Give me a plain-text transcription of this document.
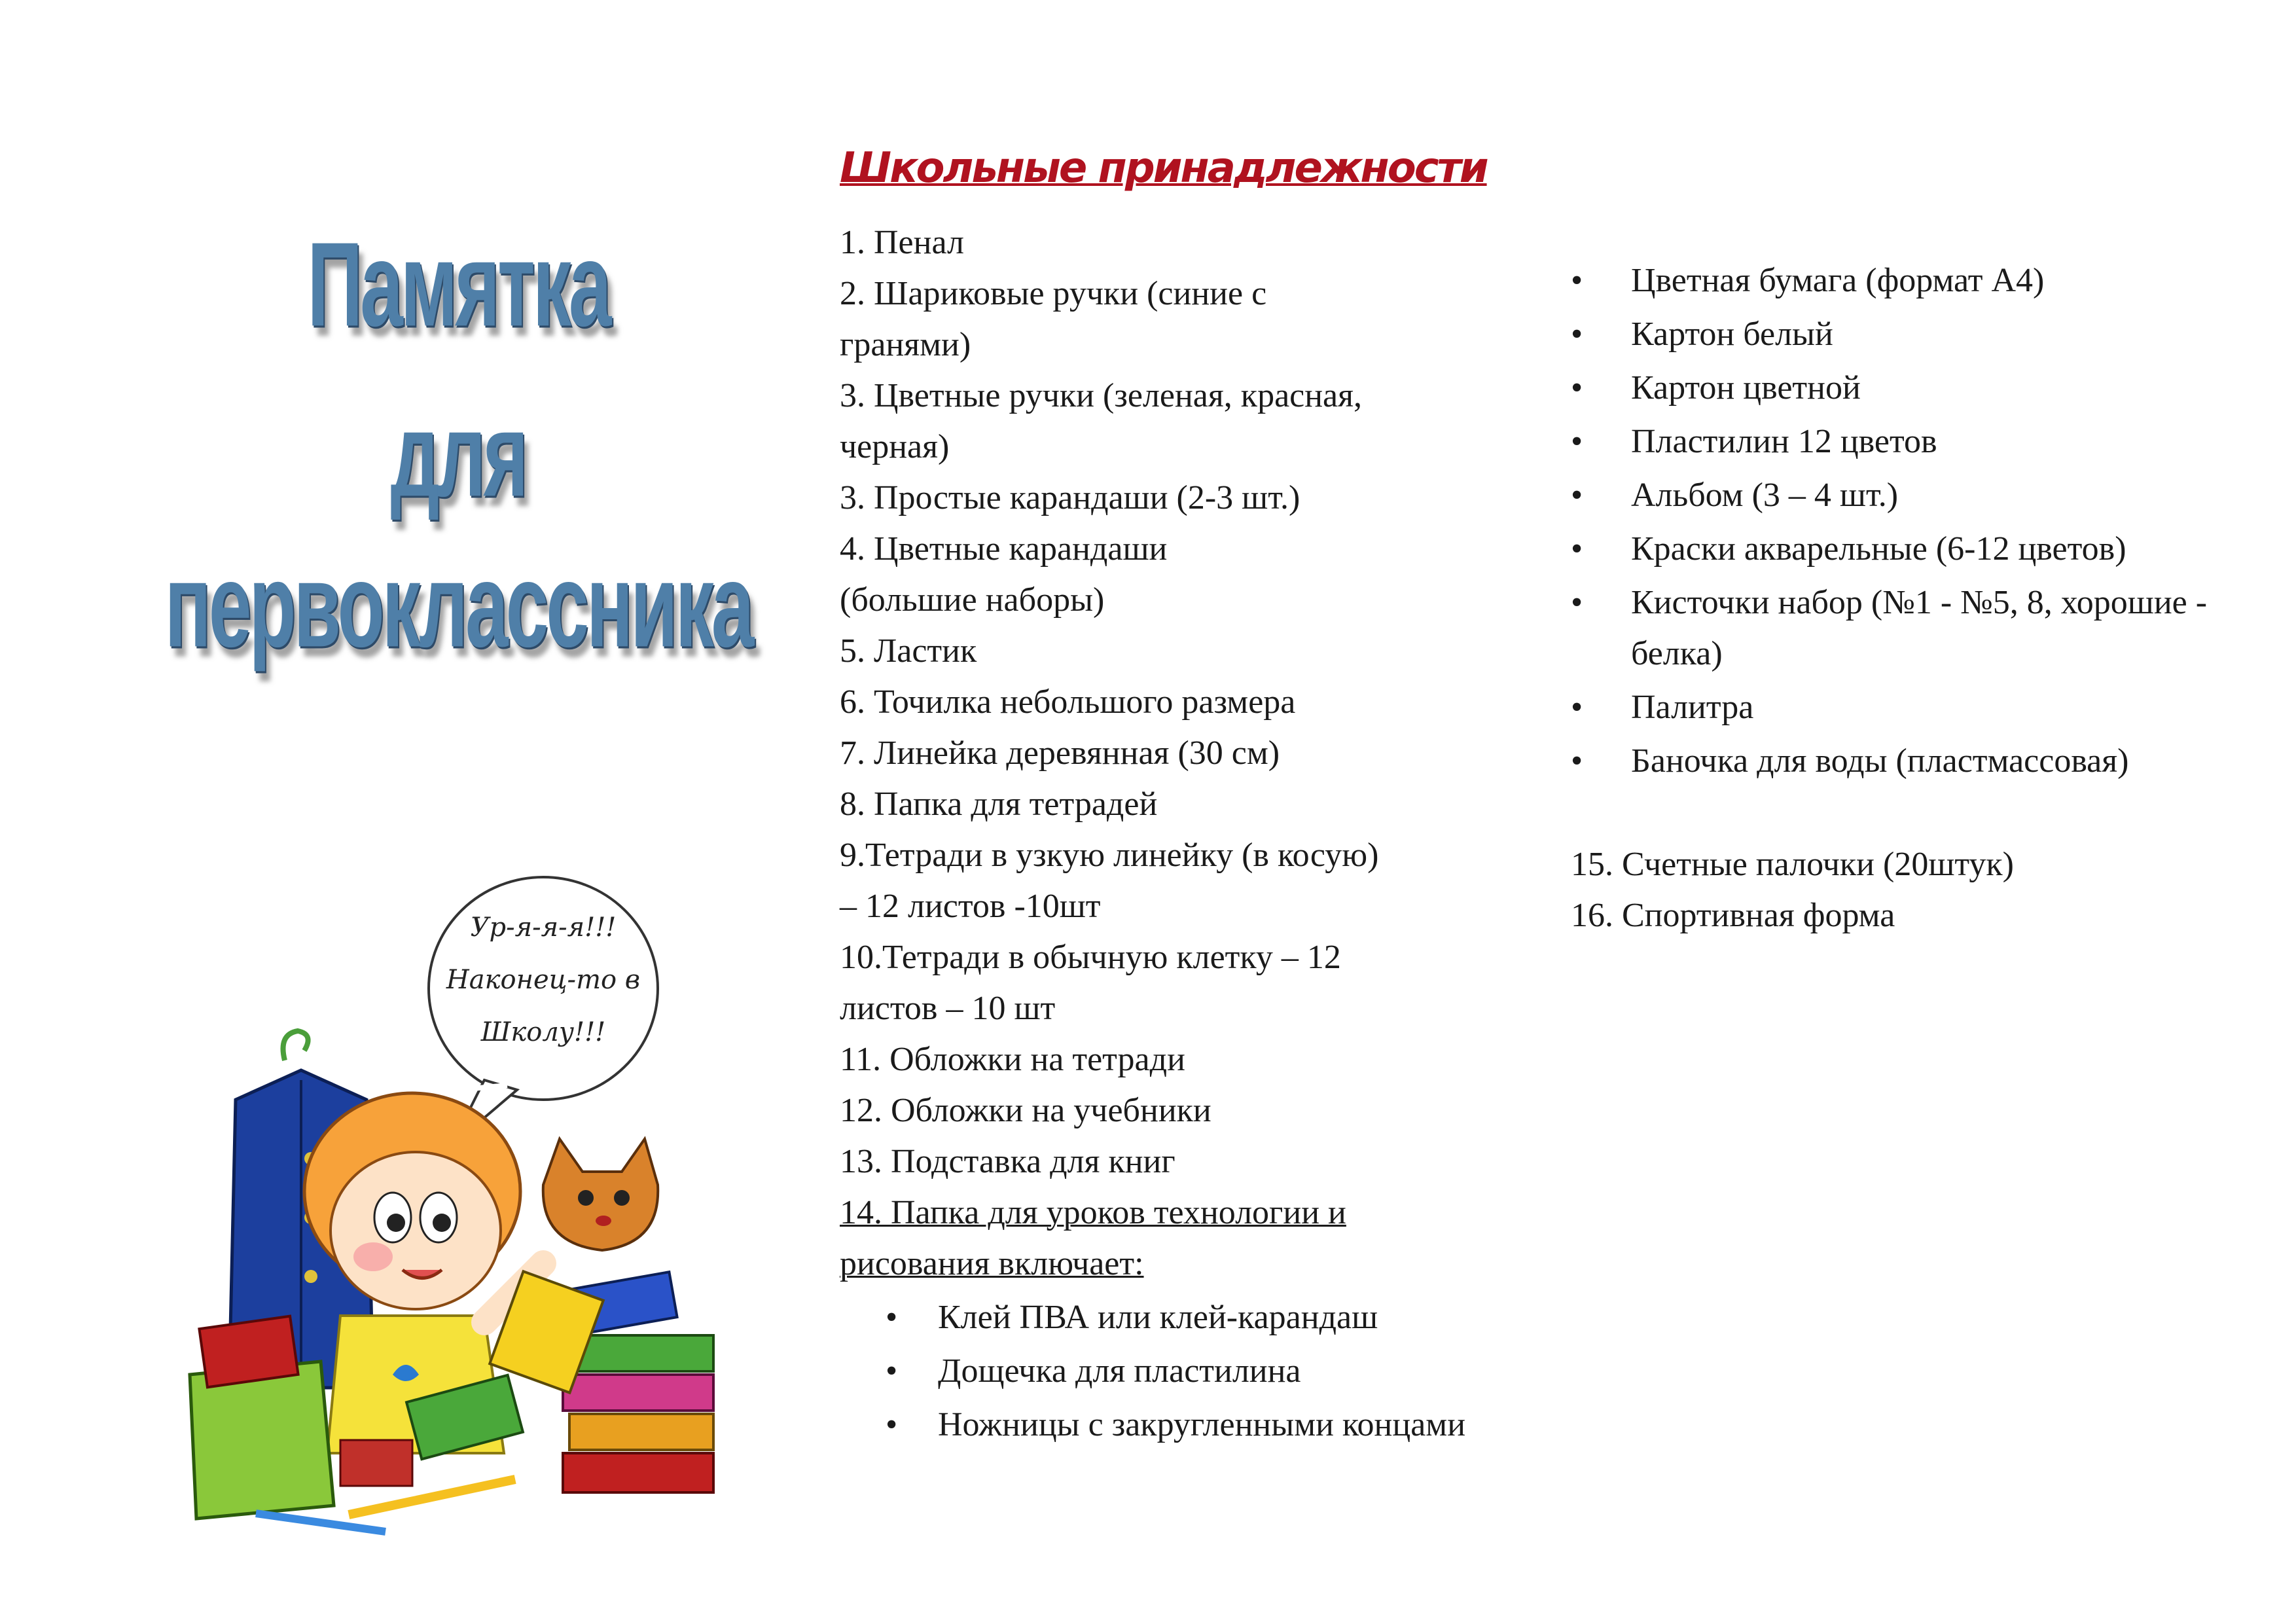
Памятка
для
первоклассника
Ур-я-я-я!!!
Наконец-то в
Школу!!!
Школьные принадлежности
1. Пенал
2. Шариковые ручки (синие с
гранями)
3. Цветные ручки (зеленая, красная,
черная)
3. Простые карандаши (2-3 шт.)
4. Цветные карандаши
(большие наборы)
5. Ластик
6. Точилка небольшого размера
7. Линейка деревянная (30 см)
8. Папка для тетрадей
9.Тетради в узкую линейку (в косую)
– 12 листов -10шт
10.Тетради в обычную клетку – 12
листов – 10 шт
11. Обложки на тетради
12. Обложки на учебники
13. Подставка для книг
14. Папка для уроков технологии и
рисования включает:
• Клей ПВА или клей-карандаш
• Дощечка для пластилина
• Ножницы с закругленными концами
• Цветная бумага (формат А4)
• Картон белый
• Картон цветной
• Пластилин 12 цветов
• Альбом (3 – 4 шт.)
• Краски акварельные (6-12 цветов)
• Кисточки набор (№1 - №5, 8, хорошие - белка)
• Палитра
• Баночка для воды (пластмассовая)
15. Счетные палочки (20штук)
16. Спортивная форма
